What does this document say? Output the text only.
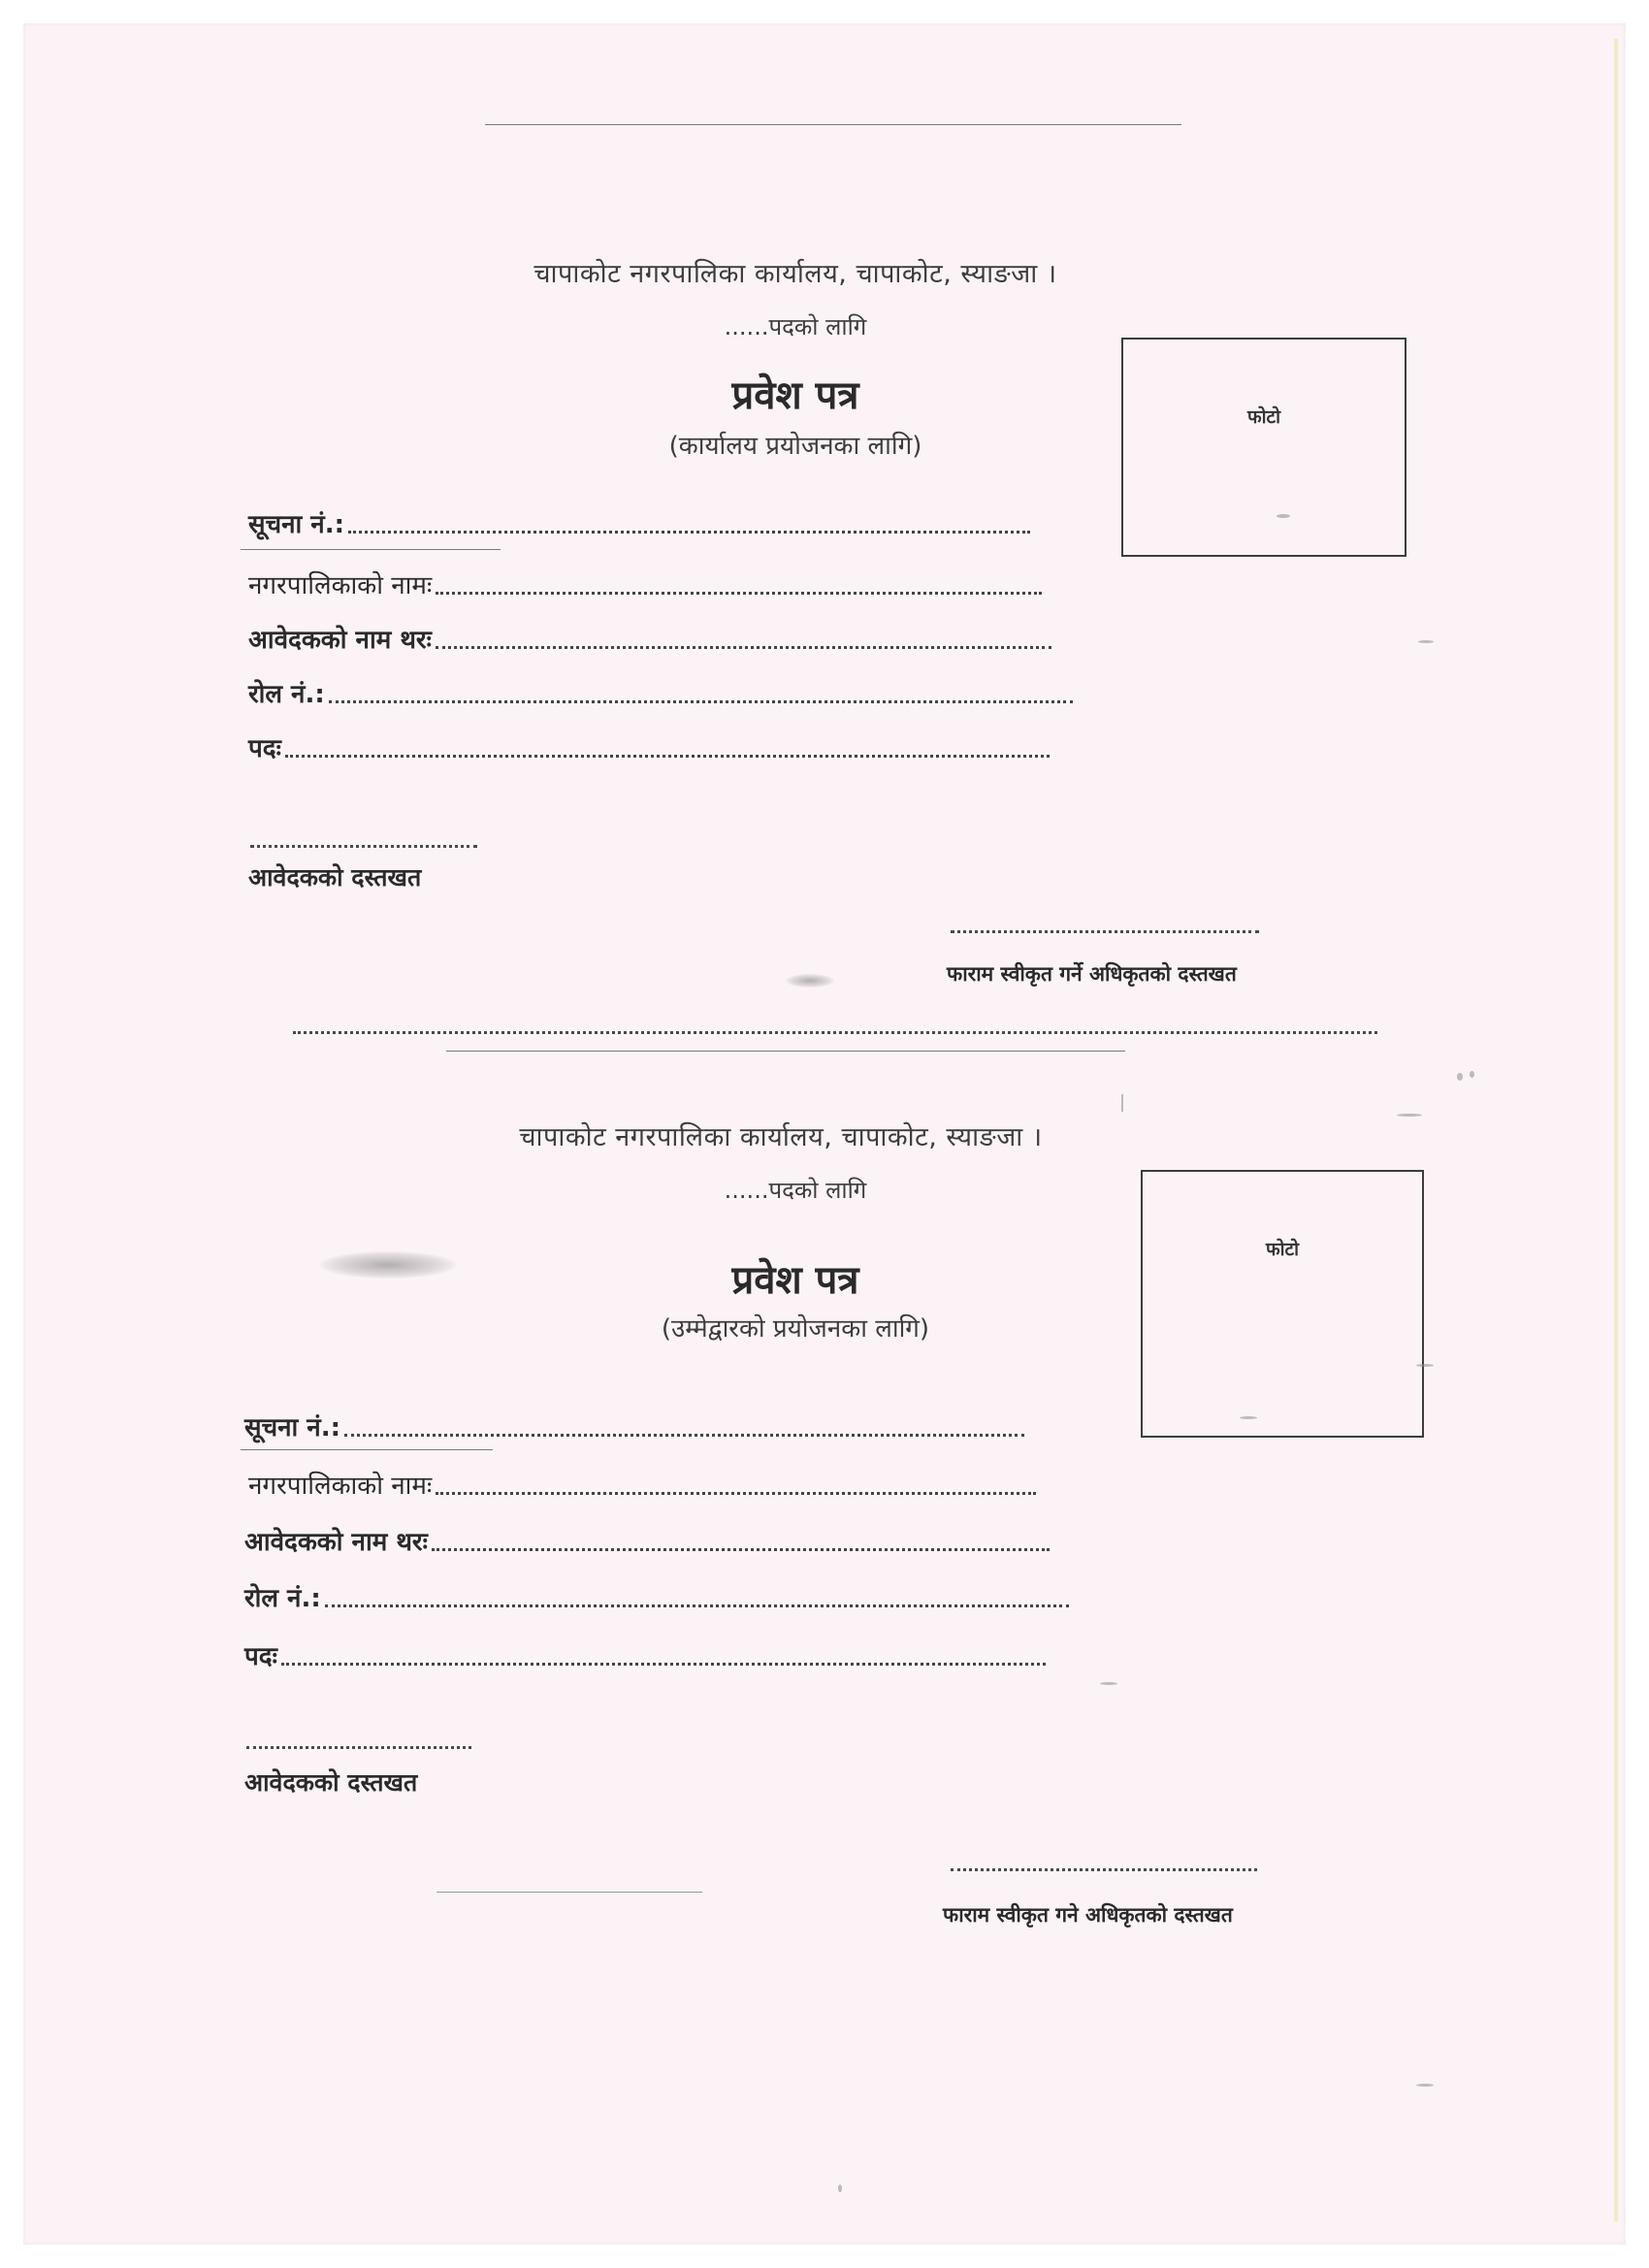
चापाकोट नगरपालिका कार्यालय, चापाकोट, स्याङजा ।
......पदको लागि
प्रवेश पत्र
(कार्यालय प्रयोजनका लागि)
फोटो
सूचना नं.:
नगरपालिकाको नामः
आवेदकको नाम थरः
रोल नं.:
पदः
आवेदकको दस्तखत
फाराम स्वीकृत गर्ने अधिकृतको दस्तखत
चापाकोट नगरपालिका कार्यालय, चापाकोट, स्याङजा ।
......पदको लागि
प्रवेश पत्र
(उम्मेद्वारको प्रयोजनका लागि)
फोटो
सूचना नं.:
नगरपालिकाको नामः
आवेदकको नाम थरः
रोल नं.:
पदः
आवेदकको दस्तखत
फाराम स्वीकृत गने अधिकृतको दस्तखत
